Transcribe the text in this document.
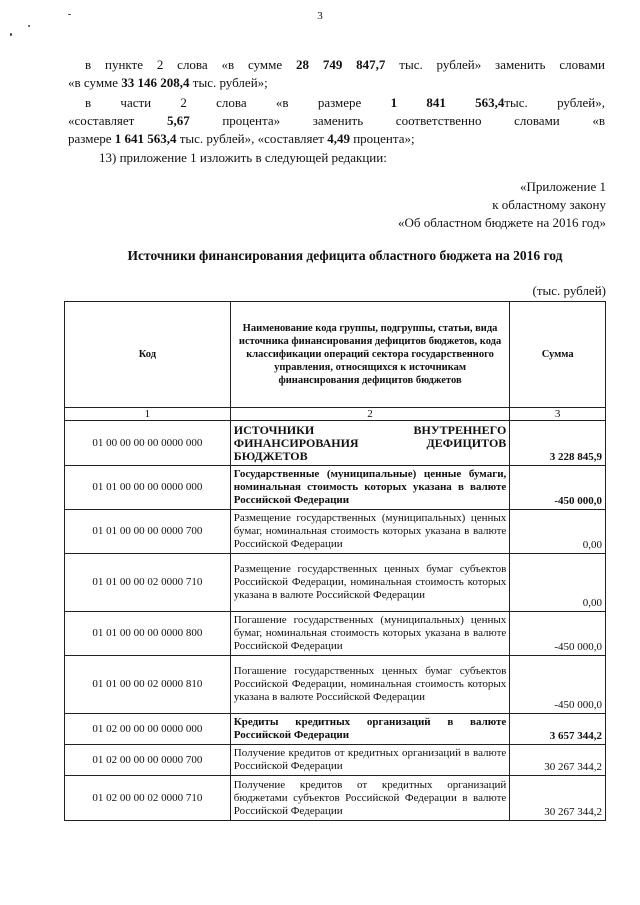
3
в пункте 2 слова «в сумме 28 749 847,7 тыс. рублей» заменить словами
«в сумме 33 146 208,4 тыс. рублей»;
в части 2 слова «в размере 1 841 563,4тыс. рублей»,
«составляет 5,67 процента»	заменить	соответственно	словами	«в
размере 1 641 563,4 тыс. рублей», «составляет 4,49 процента»;
13) приложение 1 изложить в следующей редакции:
«Приложение 1
к областному закону
«Об областном бюджете на 2016 год»
Источники финансирования дефицита областного бюджета на 2016 год
(тыс. рублей)
Код	Наименование кода группы, подгруппы, статьи, вида источника финансирования дефицитов бюджетов, кода классификации операций сектора государственного управления, относящихся к источникам финансирования дефицитов бюджетов	Сумма
1	2	3
01 00 00 00 00 0000 000	ИСТОЧНИКИ ВНУТРЕННЕГО ФИНАНСИРОВАНИЯ ДЕФИЦИТОВ БЮДЖЕТОВ	3 228 845,9
01 01 00 00 00 0000 000	Государственные (муниципальные) ценные бумаги, номинальная стоимость которых указана в валюте Российской Федерации	-450 000,0
01 01 00 00 00 0000 700	Размещение государственных (муниципальных) ценных бумаг, номинальная стоимость которых указана в валюте Российской Федерации	0,00
01 01 00 00 02 0000 710	Размещение государственных ценных бумаг субъектов Российской Федерации, номинальная стоимость которых указана в валюте Российской Федерации	0,00
01 01 00 00 00 0000 800	Погашение государственных (муниципальных) ценных бумаг, номинальная стоимость которых указана в валюте Российской Федерации	-450 000,0
01 01 00 00 02 0000 810	Погашение государственных ценных бумаг субъектов Российской Федерации, номинальная стоимость которых указана в валюте Российской Федерации	-450 000,0
01 02 00 00 00 0000 000	Кредиты кредитных организаций в валюте Российской Федерации	3 657 344,2
01 02 00 00 00 0000 700	Получение кредитов от кредитных организаций в валюте Российской Федерации	30 267 344,2
01 02 00 00 02 0000 710	Получение кредитов от кредитных организаций бюджетами субъектов Российской Федерации в валюте Российской Федерации	30 267 344,2
